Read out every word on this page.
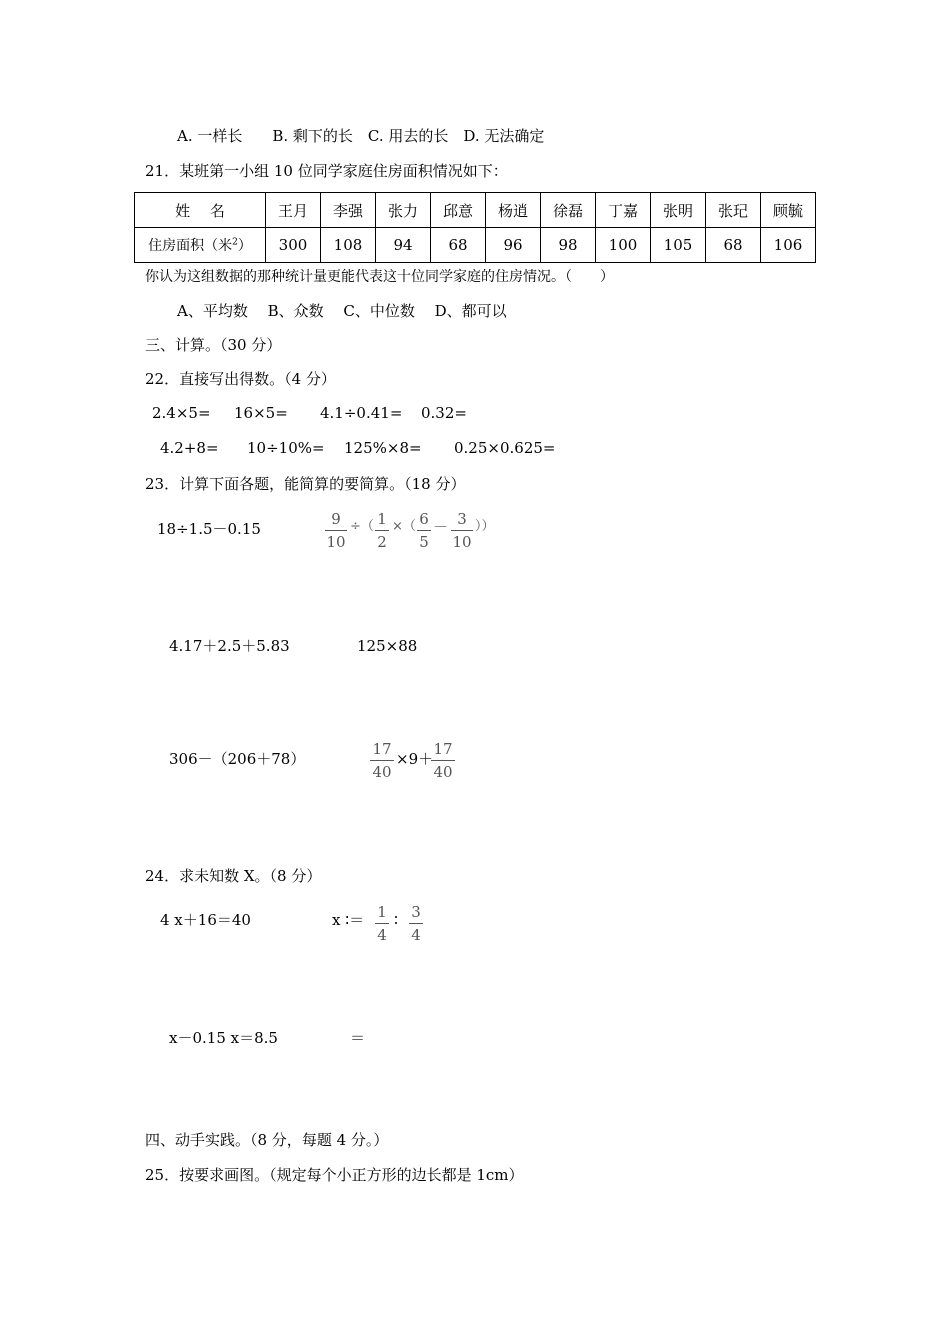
A. 一样长　　B. 剩下的长　C. 用去的长　D. 无法确定
21．某班第一小组 10 位同学家庭住房面积情况如下：
姓　 名	王月	李强	张力	邱意	杨逍	徐磊	丁嘉	张明	张玘	顾毓
住房面积（米$^2$）	300	108	94	68	96	98	100	105	68	106
你认为这组数据的那种统计量更能代表这十位同学家庭的住房情况。（　　）
A、平均数　 B、众数　 C、中位数　 D、都可以
三、计算。（30 分）
22．直接写出得数。（4 分）
2.4×5= 16×5= 4.1÷0.41= 0.32=
4.2+8= 10÷10%= 125%×8= 0.25×0.625=
23．计算下面各题，能简算的要简算。（18 分）
18÷1.5－0.15
9
10
÷（ 1
2
×（ 6
5
－ 3
10
））
4.17＋2.5＋5.83	125×88
306－（206＋78）
17
40
×9＋
17
40
24．求未知数 X。（8 分）
4 x＋16＝40	x ∶＝ 1
4
∶ 3
4
x－0.15 x＝8.5	＝
四、动手实践。（8 分，每题 4 分。）
25．按要求画图。（规定每个小正方形的边长都是 1cm）
